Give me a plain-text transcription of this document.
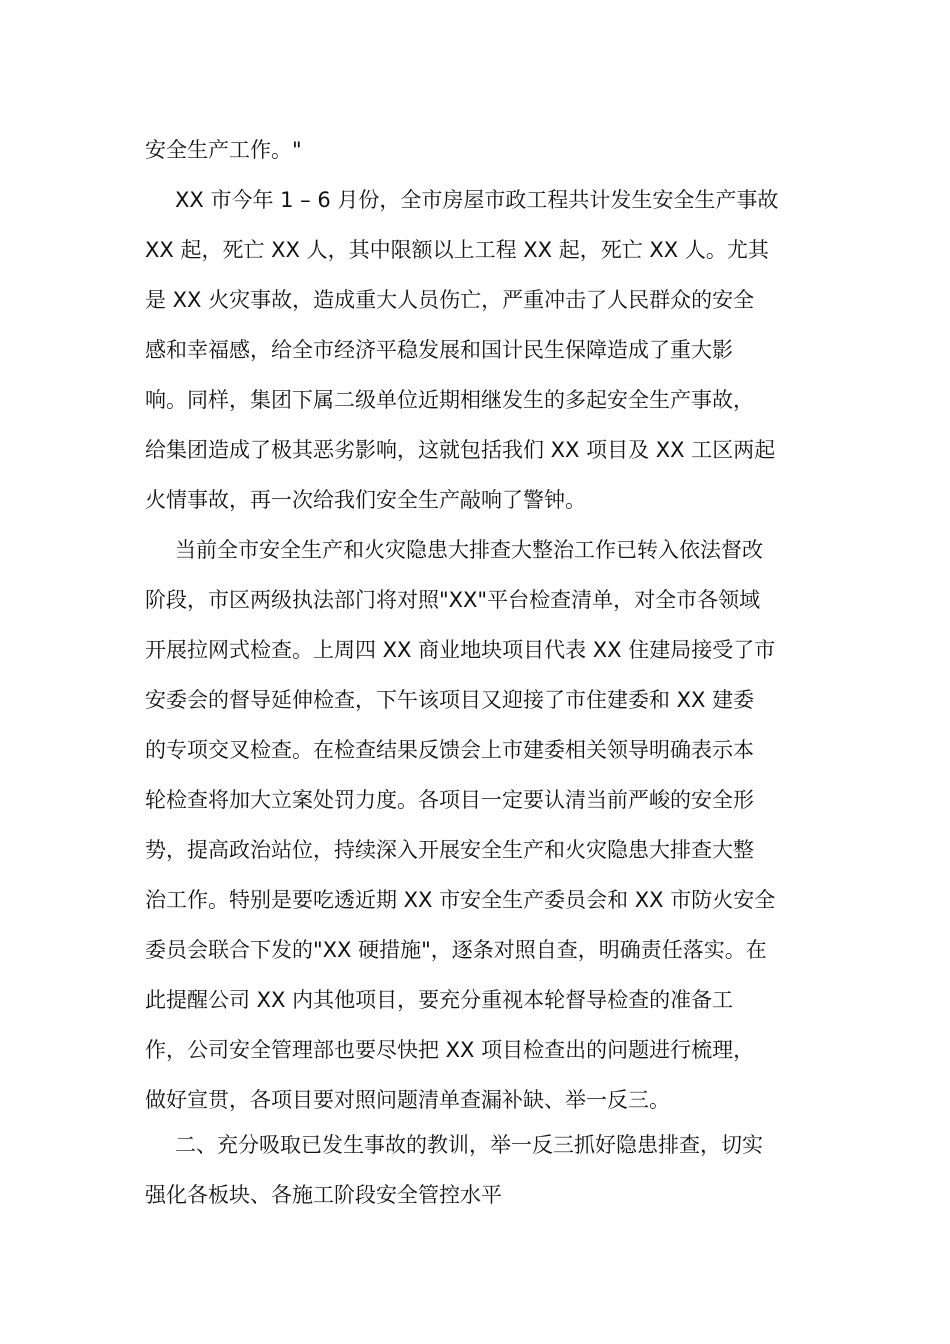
安全生产工作。"
XX 市今年 1 – 6 月份，全市房屋市政工程共计发生安全生产事故
XX 起，死亡 XX 人，其中限额以上工程 XX 起，死亡 XX 人。尤其
是 XX 火灾事故，造成重大人员伤亡，严重冲击了人民群众的安全
感和幸福感，给全市经济平稳发展和国计民生保障造成了重大影
响。同样，集团下属二级单位近期相继发生的多起安全生产事故，
给集团造成了极其恶劣影响，这就包括我们 XX 项目及 XX 工区两起
火情事故，再一次给我们安全生产敲响了警钟。
当前全市安全生产和火灾隐患大排查大整治工作已转入依法督改
阶段，市区两级执法部门将对照"XX"平台检查清单，对全市各领域
开展拉网式检查。上周四 XX 商业地块项目代表 XX 住建局接受了市
安委会的督导延伸检查，下午该项目又迎接了市住建委和 XX 建委
的专项交叉检查。在检查结果反馈会上市建委相关领导明确表示本
轮检查将加大立案处罚力度。各项目一定要认清当前严峻的安全形
势，提高政治站位，持续深入开展安全生产和火灾隐患大排查大整
治工作。特别是要吃透近期 XX 市安全生产委员会和 XX 市防火安全
委员会联合下发的"XX 硬措施"，逐条对照自查，明确责任落实。在
此提醒公司 XX 内其他项目，要充分重视本轮督导检查的准备工
作，公司安全管理部也要尽快把 XX 项目检查出的问题进行梳理，
做好宣贯，各项目要对照问题清单查漏补缺、举一反三。
二、充分吸取已发生事故的教训，举一反三抓好隐患排查，切实
强化各板块、各施工阶段安全管控水平
